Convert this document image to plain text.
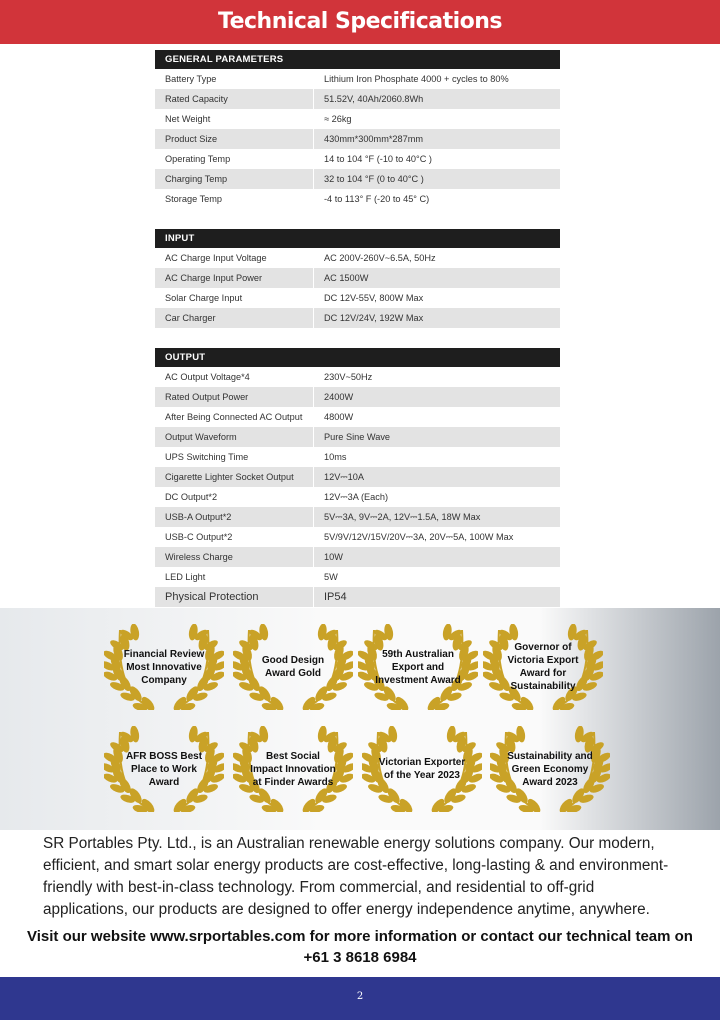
Technical Specifications
GENERAL PARAMETERS
Battery Type	Lithium Iron Phosphate 4000 + cycles to 80%
Rated Capacity	51.52V, 40Ah/2060.8Wh
Net Weight	≈ 26kg
Product Size	430mm*300mm*287mm
Operating Temp	14 to 104 °F (-10 to 40°C )
Charging Temp	32 to 104 °F (0 to 40°C )
Storage Temp	-4 to 113° F (-20 to 45° C)
INPUT
AC Charge Input Voltage	AC 200V-260V~6.5A, 50Hz
AC Charge Input Power	AC 1500W
Solar Charge Input	DC 12V-55V, 800W Max
Car Charger	DC 12V/24V, 192W Max
OUTPUT
AC Output Voltage*4	230V~50Hz
Rated Output Power	2400W
After Being Connected AC Output	4800W
Output Waveform	Pure Sine Wave
UPS Switching Time	10ms
Cigarette Lighter Socket Output	12V⎓10A
DC Output*2	12V⎓3A (Each)
USB-A Output*2	5V⎓3A, 9V⎓2A, 12V⎓1.5A, 18W Max
USB-C Output*2	5V/9V/12V/15V/20V⎓3A, 20V⎓5A, 100W Max
Wireless Charge	10W
LED Light	5W
Physical Protection	IP54
Financial Review Most Innovative Company
Good Design Award Gold
59th Australian Export and Investment Award
Governor of Victoria Export Award for Sustainability
AFR BOSS Best Place to Work Award
Best Social Impact Innovation at Finder Awards
Victorian Exporter of the Year 2023
Sustainability and Green Economy Award 2023
SR Portables Pty. Ltd., is an Australian renewable energy solutions company. Our modern, efficient, and smart solar energy products are cost-effective, long-lasting & and environment-friendly with best-in-class technology. From commercial, and residential to off-grid applications, our products are designed to offer energy independence anytime, anywhere.
Visit our website www.srportables.com for more information or contact our technical team on +61 3 8618 6984
2
